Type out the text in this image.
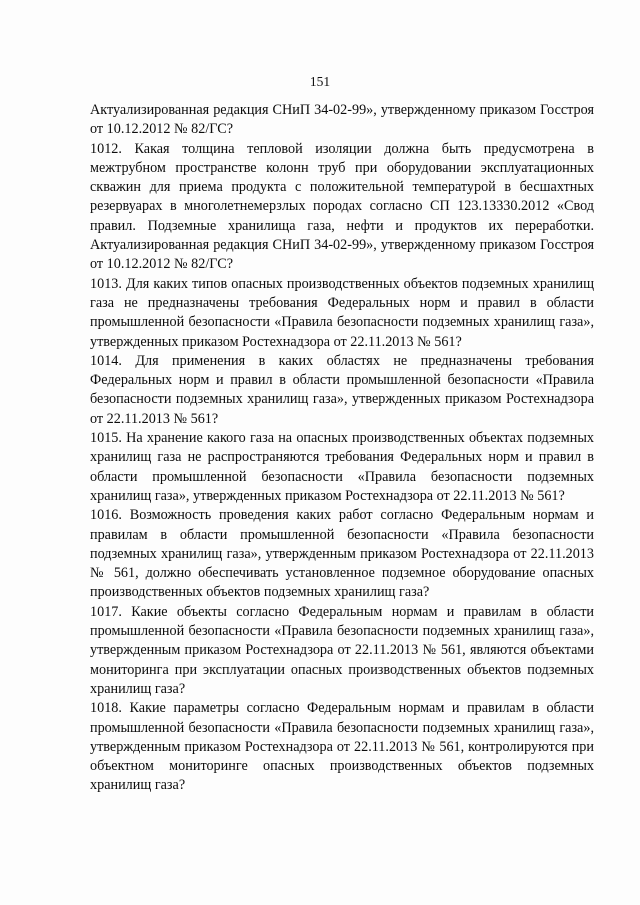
151

Актуализированная редакция СНиП 34-02-99», утвержденному приказом Госстроя от 10.12.2012 № 82/ГС?

1012. Какая толщина тепловой изоляции должна быть предусмотрена в межтрубном пространстве колонн труб при оборудовании эксплуатационных скважин для приема продукта с положительной температурой в бесшахтных резервуарах в многолетнемерзлых породах согласно СП 123.13330.2012 «Свод правил. Подземные хранилища газа, нефти и продуктов их переработки. Актуализированная редакция СНиП 34-02-99», утвержденному приказом Госстроя от 10.12.2012 № 82/ГС?

1013. Для каких типов опасных производственных объектов подземных хранилищ газа не предназначены требования Федеральных норм и правил в области промышленной безопасности «Правила безопасности подземных хранилищ газа», утвержденных приказом Ростехнадзора от 22.11.2013 № 561?

1014. Для применения в каких областях не предназначены требования Федеральных норм и правил в области промышленной безопасности «Правила безопасности подземных хранилищ газа», утвержденных приказом Ростехнадзора от 22.11.2013 № 561?

1015. На хранение какого газа на опасных производственных объектах подземных хранилищ газа не распространяются требования Федеральных норм и правил в области промышленной безопасности «Правила безопасности подземных хранилищ газа», утвержденных приказом Ростехнадзора от 22.11.2013 № 561?

1016. Возможность проведения каких работ согласно Федеральным нормам и правилам в области промышленной безопасности «Правила безопасности подземных хранилищ газа», утвержденным приказом Ростехнадзора от 22.11.2013 № 561, должно обеспечивать установленное подземное оборудование опасных производственных объектов подземных хранилищ газа?

1017. Какие объекты согласно Федеральным нормам и правилам в области промышленной безопасности «Правила безопасности подземных хранилищ газа», утвержденным приказом Ростехнадзора от 22.11.2013 № 561, являются объектами мониторинга при эксплуатации опасных производственных объектов подземных хранилищ газа?

1018. Какие параметры согласно Федеральным нормам и правилам в области промышленной безопасности «Правила безопасности подземных хранилищ газа», утвержденным приказом Ростехнадзора от 22.11.2013 № 561, контролируются при объектном мониторинге опасных производственных объектов подземных хранилищ газа?
